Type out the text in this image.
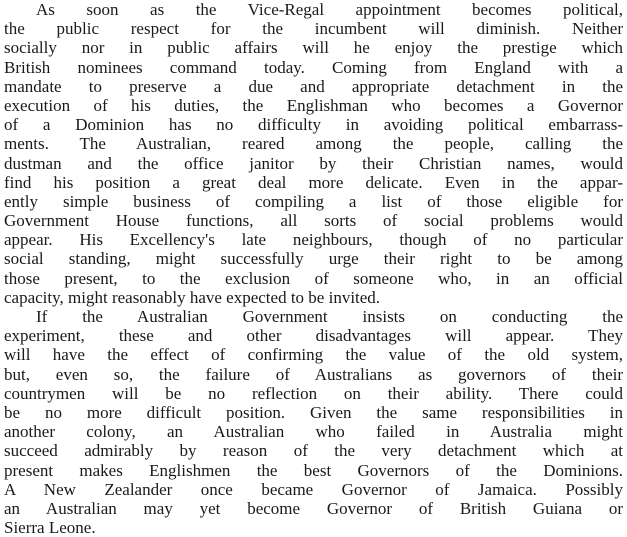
As soon as the Vice-Regal appointment becomes political,
the public respect for the incumbent will diminish. Neither
socially nor in public affairs will he enjoy the prestige which
British nominees command today. Coming from England with a
mandate to preserve a due and appropriate detachment in the
execution of his duties, the Englishman who becomes a Governor
of a Dominion has no difficulty in avoiding political embarrass-
ments. The Australian, reared among the people, calling the
dustman and the office janitor by their Christian names, would
find his position a great deal more delicate. Even in the appar-
ently simple business of compiling a list of those eligible for
Government House functions, all sorts of social problems would
appear. His Excellency's late neighbours, though of no particular
social standing, might successfully urge their right to be among
those present, to the exclusion of someone who, in an official
capacity, might reasonably have expected to be invited.
If the Australian Government insists on conducting the
experiment, these and other disadvantages will appear. They
will have the effect of confirming the value of the old system,
but, even so, the failure of Australians as governors of their
countrymen will be no reflection on their ability. There could
be no more difficult position. Given the same responsibilities in
another colony, an Australian who failed in Australia might
succeed admirably by reason of the very detachment which at
present makes Englishmen the best Governors of the Dominions.
A New Zealander once became Governor of Jamaica. Possibly
an Australian may yet become Governor of British Guiana or
Sierra Leone.
